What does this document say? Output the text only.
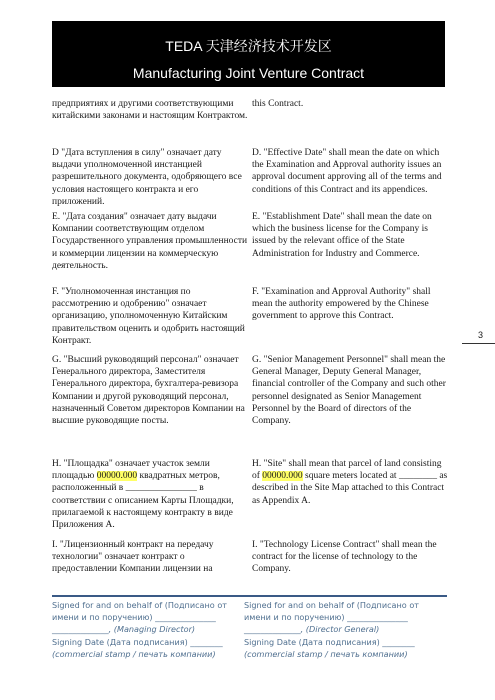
TEDA 天津经济技术开发区
Manufacturing Joint Venture Contract

предприятиях и другими соответствующими китайскими законами и настоящим Контрактом.

D "Дата вступления в силу" означает дату выдачи уполномоченной инстанцией разрешительного документа, одобряющего все условия настоящего контракта и его приложений.

E. "Дата создания" означает дату выдачи Компании соответствующим отделом Государственного управления промышленности и коммерции лицензии на коммерческую деятельность.

F. "Уполномоченная инстанция по рассмотрению и одобрению" означает организацию, уполномоченную Китайским правительством оценить и одобрить настоящий Контракт.

G. "Высший руководящий персонал" означает Генерального директора, Заместителя Генерального директора, бухгалтера-ревизора Компании и другой руководящий персонал, назначенный Советом директоров Компании на высшие руководящие посты.

H. "Площадка" означает участок земли площадью 00000.000 квадратных метров, расположенный в _______________ в соответствии с описанием Карты Площадки, прилагаемой к настоящему контракту в виде Приложения A.

I. "Лицензионный контракт на передачу технологии" означает контракт о предоставлении Компании лицензии на

this Contract.

D. "Effective Date" shall mean the date on which the Examination and Approval authority issues an approval document approving all of the terms and conditions of this Contract and its appendices.

E. "Establishment Date" shall mean the date on which the business license for the Company is issued by the relevant office of the State Administration for Industry and Commerce.

F. "Examination and Approval Authority" shall mean the authority empowered by the Chinese government to approve this Contract.

G. "Senior Management Personnel" shall mean the General Manager, Deputy General Manager, financial controller of the Company and such other personnel designated as Senior Management Personnel by the Board of directors of the Company.

H. "Site" shall mean that parcel of land consisting of 00000.000 square meters located at ________ as described in the Site Map attached to this Contract as Appendix A.

I. "Technology License Contract" shall mean the contract for the license of technology to the Company.

3
Signed for and on behalf of (Подписано от
имени и по поручению) _______________
______________, (Managing Director)
Signing Date (Дата подписания) ________
(commercial stamp / печать компании)
Signed for and on behalf of (Подписано от
имени и по поручению) _______________
______________, (Director General)
Signing Date (Дата подписания) ________
(commercial stamp / печать компании)
